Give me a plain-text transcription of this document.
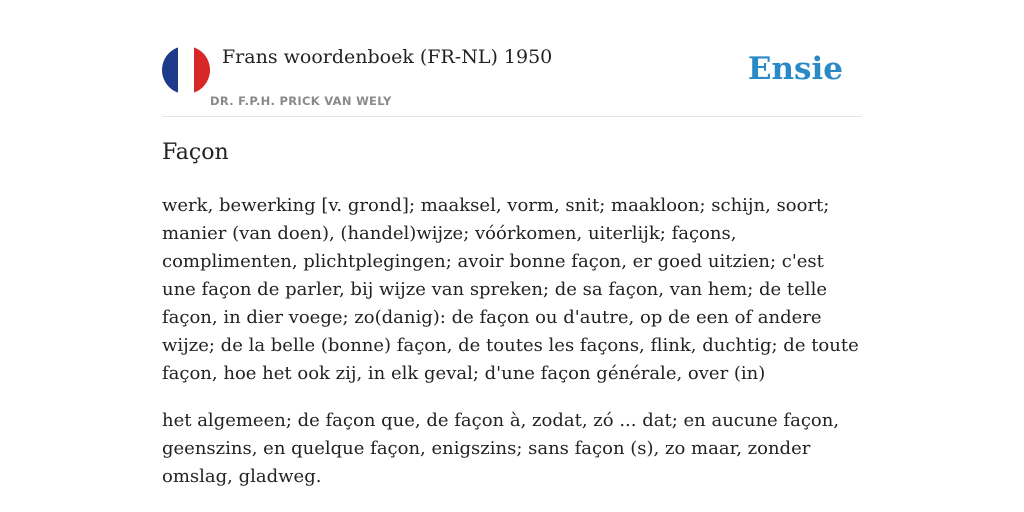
Frans woordenboek (FR-NL) 1950
DR. F.P.H. PRICK VAN WELY
Ensie
Façon

werk, bewerking [v. grond]; maaksel, vorm, snit; maakloon; schijn, soort; manier (van doen), (handel)wijze; vóórkomen, uiterlijk; façons, complimenten, plichtplegingen; avoir bonne façon, er goed uitzien; c'est une façon de parler, bij wijze van spreken; de sa façon, van hem; de telle façon, in dier voege; zo(danig): de façon ou d'autre, op de een of andere wijze; de la belle (bonne) façon, de toutes les façons, flink, duchtig; de toute façon, hoe het ook zij, in elk geval; d'une façon générale, over (in)

het algemeen; de façon que, de façon à, zodat, zó ... dat; en aucune façon, geenszins, en quelque façon, enigszins; sans façon (s), zo maar, zonder omslag, gladweg.
